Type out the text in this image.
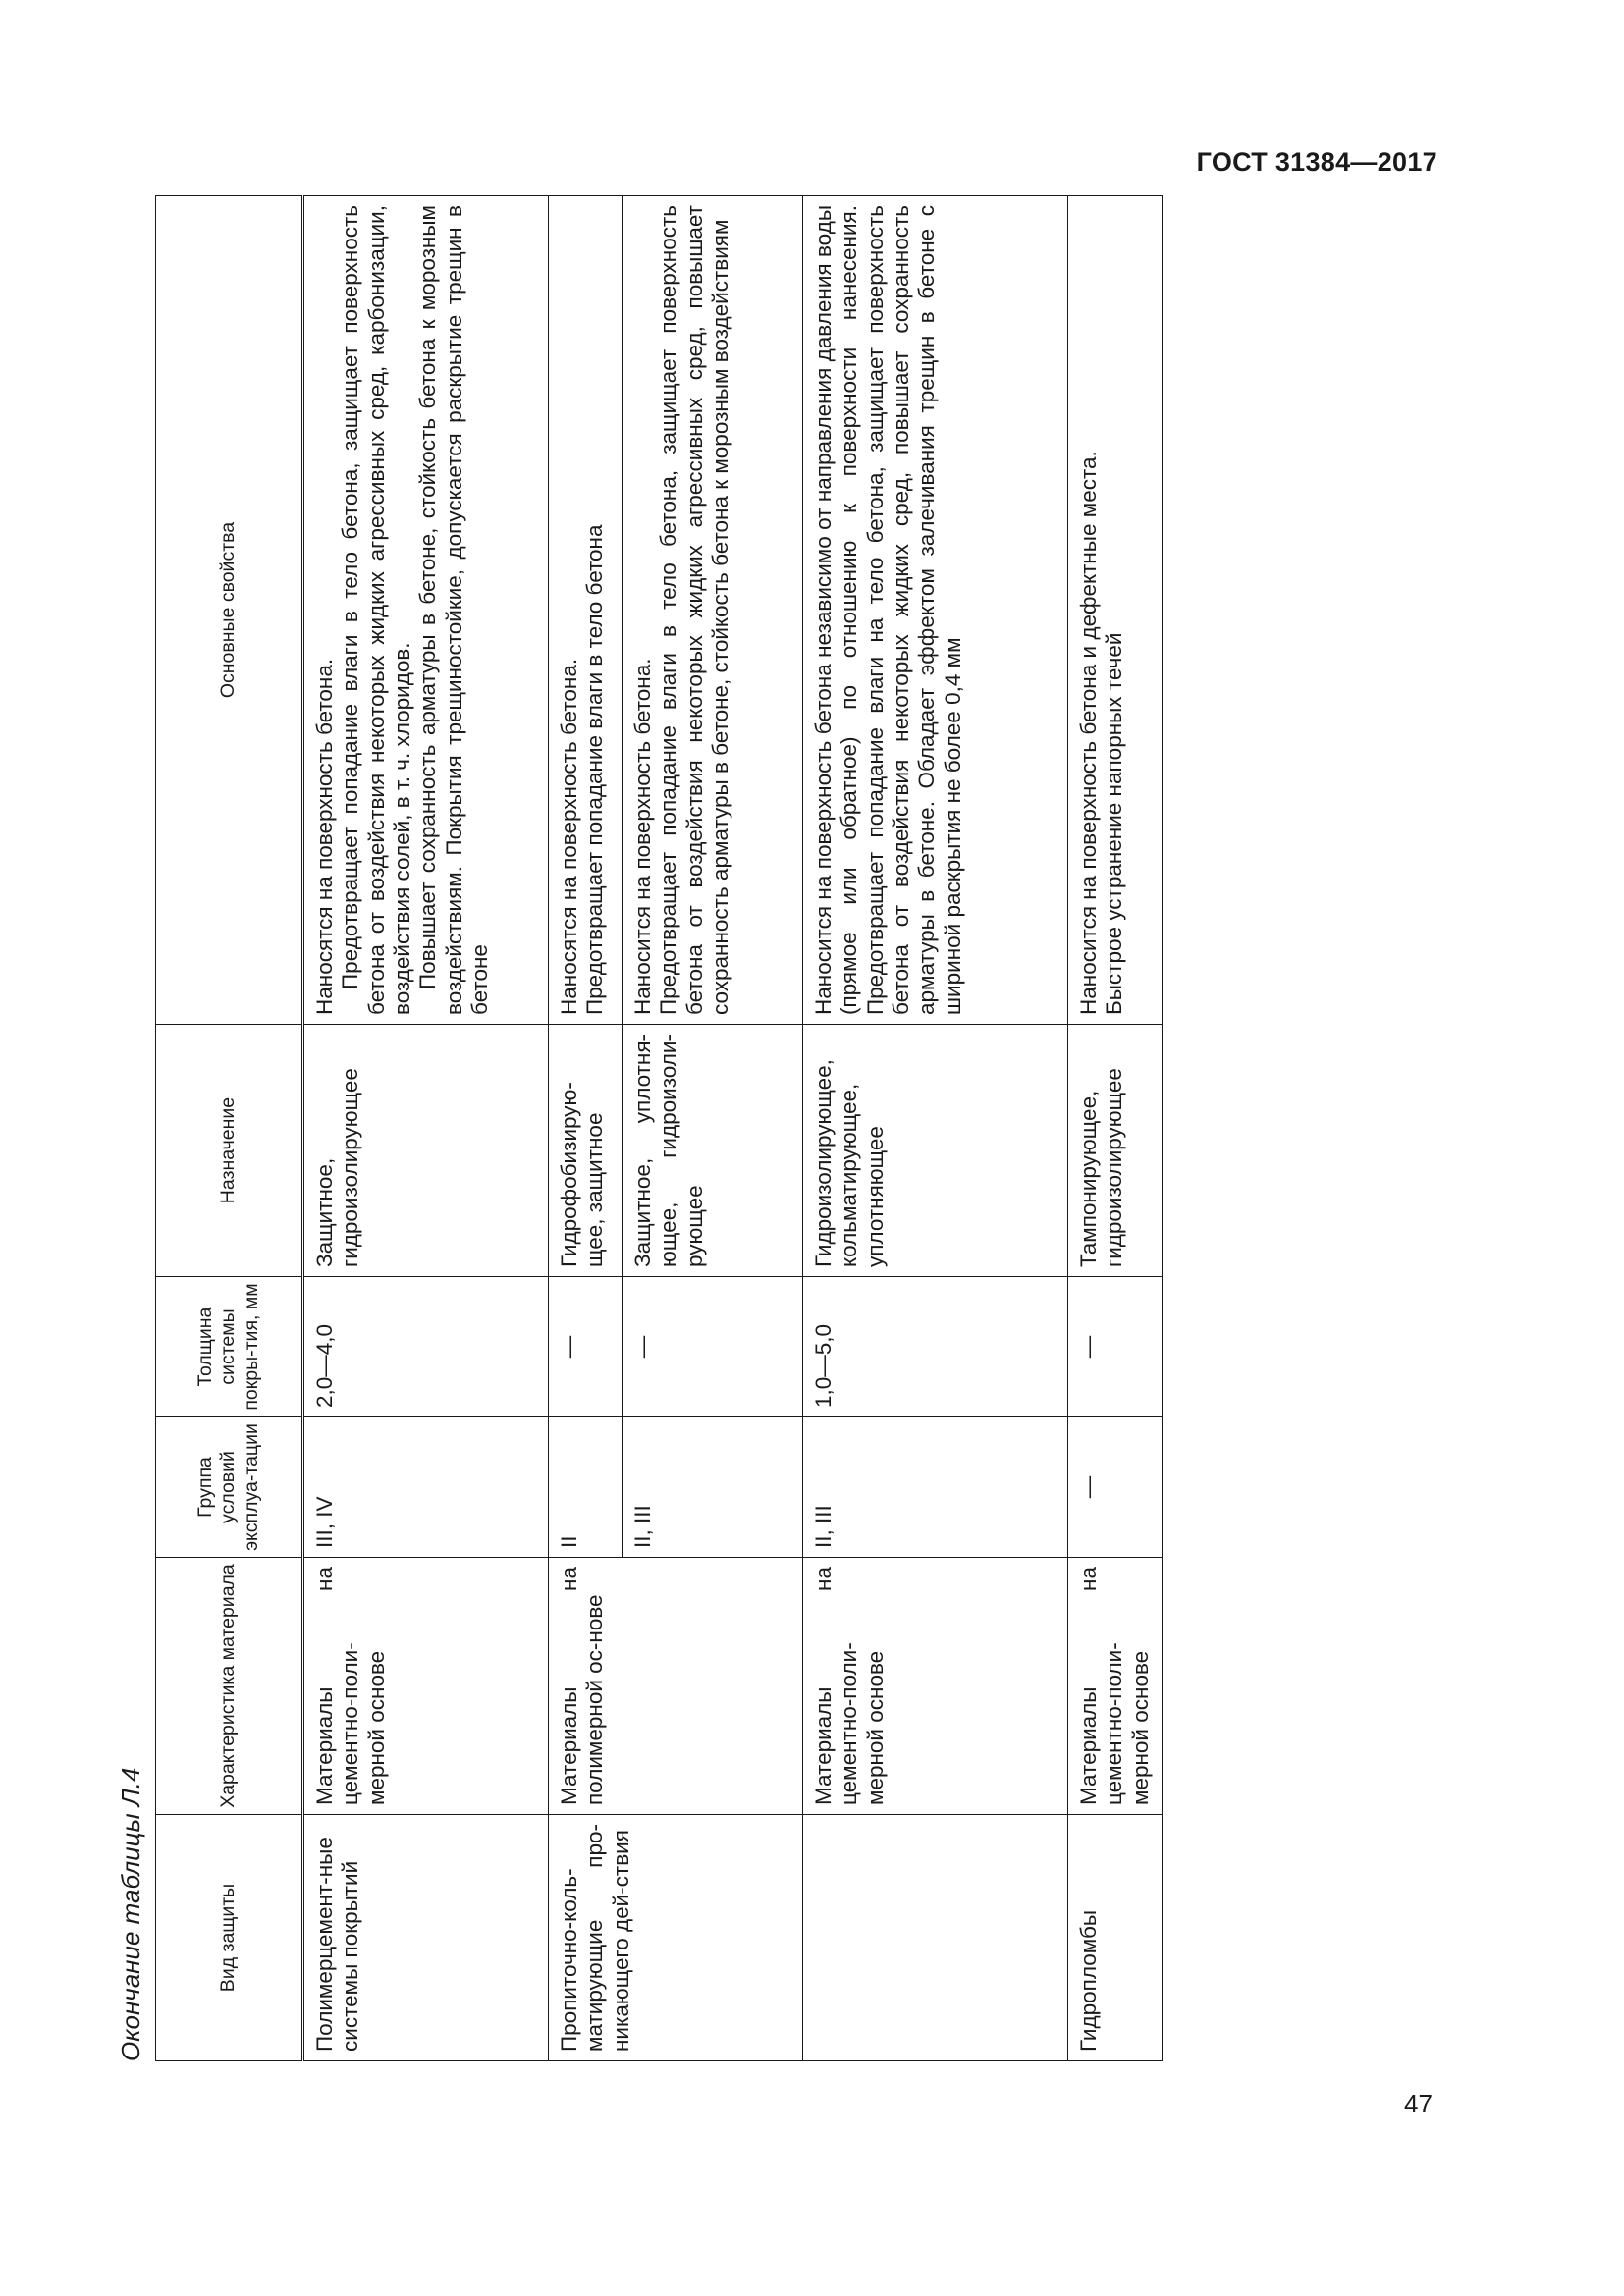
ГОСТ 31384—2017
Окончание таблицы Л.4	Вид защиты	Характеристика материала	Группа условий эксплуа-тации	Толщина системы покры-тия, мм	Назначение	Основные свойства
Полимерцемент-ные системы покрытий	Материалы на цементно-поли-мерной основе	III, IV	2,0—4,0	Защитное, гидроизолирующее	Наносятся на поверхность бетона. Предотвращает попадание влаги в тело бетона, защищает поверхность бетона от воздействия некоторых жидких агрессивных сред, карбонизации, воздействия солей, в т. ч. хлоридов. Повышает сохранность арматуры в бетоне, стойкость бетона к морозным воздействиям. Покрытия трещиностойкие, допускается раскрытие трещин в бетоне

Пропиточно-коль-матирующие про-никающего дей-ствия	Материалы на полимерной ос-нове	II	—	Гидрофобизирую-щее, защитное	Наносятся на поверхность бетона. Предотвращает попадание влаги в тело бетона

		II, III	—	Защитное, уплотня-ющее, гидроизоли-рующее	Наносится на поверхность бетона. Предотвращает попадание влаги в тело бетона, защищает поверхность бетона от воздействия некоторых жидких агрессивных сред, повышает сохранность арматуры в бетоне, стойкость бетона к морозным воздействиям

	Материалы на цементно-поли-мерной основе	II, III	1,0—5,0	Гидроизолирующее, кольматирующее, уплотняющее	Наносится на поверхность бетона независимо от направления давления воды (прямое или обратное) по отношению к поверхности нанесения. Предотвращает попадание влаги на тело бетона, защищает поверхность бетона от воздействия некоторых жидких сред, повышает сохранность арматуры в бетоне. Обладает эффектом залечивания трещин в бетоне с шириной раскрытия не более 0,4 мм

Гидропломбы	Материалы на цементно-поли-мерной основе	—	—	Тампонирующее, гидроизолирующее	Наносится на поверхность бетона и дефектные места. Быстрое устранение напорных течей
47
